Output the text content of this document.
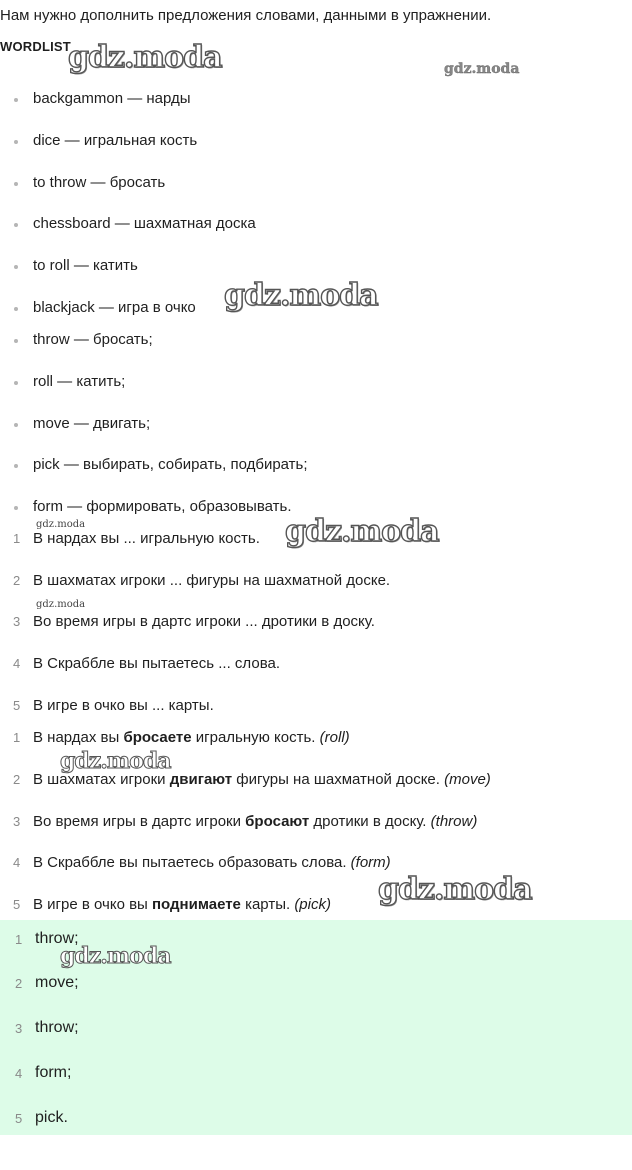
Нам нужно дополнить предложения словами, данными в упражнении.

WORDLIST
backgammon — нарды
dice — игральная кость
to throw — бросать
chessboard — шахматная доска
to roll — катить
blackjack — игра в очко
throw — бросать;
roll — катить;
move — двигать;
pick — выбирать, собирать, подбирать;
form — формировать, образовывать.
1 В нардах вы ... игральную кость.
2 В шахматах игроки ... фигуры на шахматной доске.
3 Во время игры в дартс игроки ... дротики в доску.
4 В Скраббле вы пытаетесь ... слова.
5 В игре в очко вы ... карты.
1 В нардах вы бросаете игральную кость. (roll)
2 В шахматах игроки двигают фигуры на шахматной доске. (move)
3 Во время игры в дартс игроки бросают дротики в доску. (throw)
4 В Скраббле вы пытаетесь образовать слова. (form)
5 В игре в очко вы поднимаете карты. (pick)
1 throw;
2 move;
3 throw;
4 form;
5 pick.
gdz.moda	gdz.moda
gdz.moda
gdz.moda	gdz.moda
gdz.moda
gdz.moda
gdz.moda
gdz.moda
